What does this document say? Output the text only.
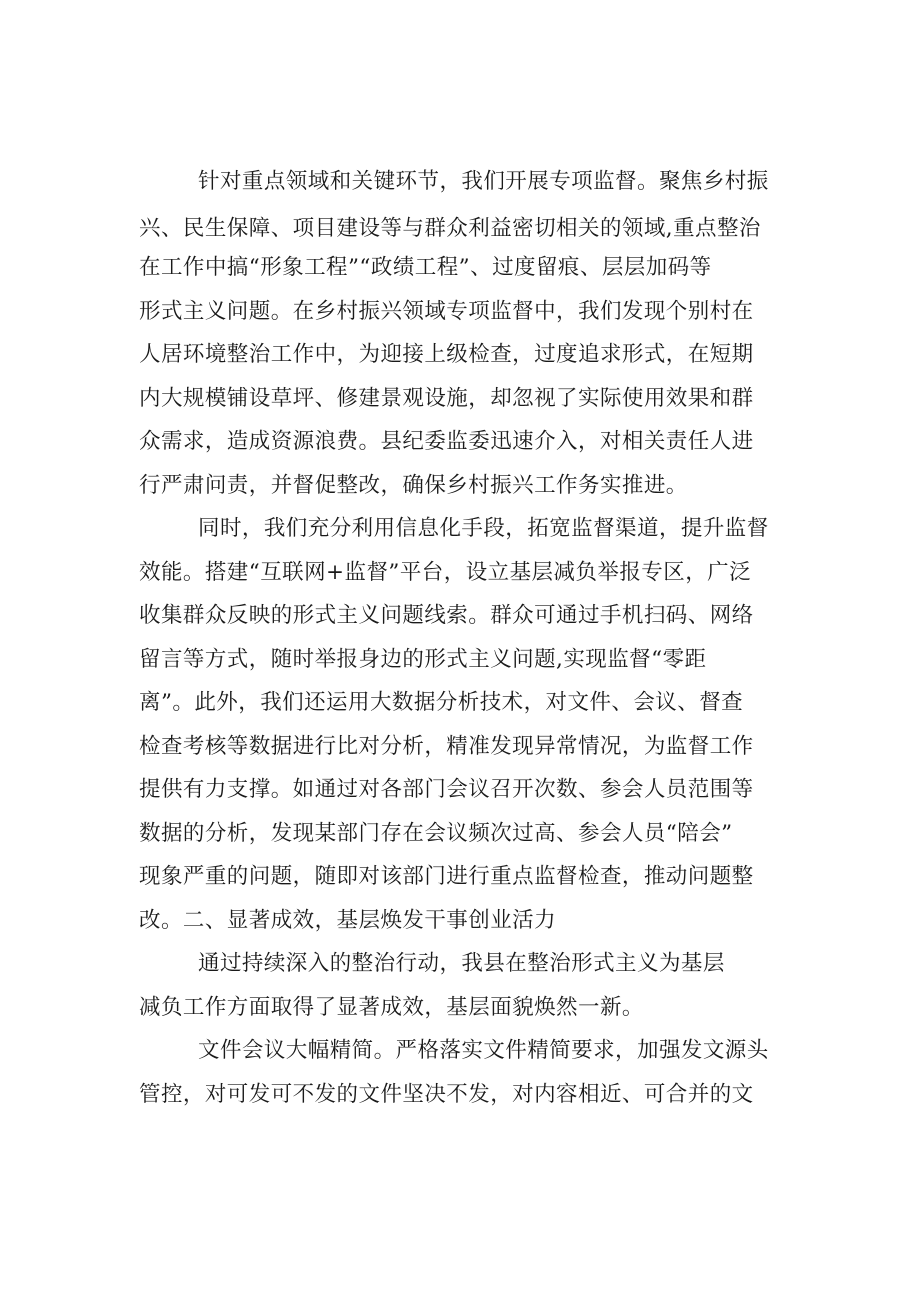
针对重点领域和关键环节，我们开展专项监督。聚焦乡村振
兴、民生保障、项目建设等与群众利益密切相关的领域,重点整治
在工作中搞“形象工程”“政绩工程”、过度留痕、层层加码等
形式主义问题。在乡村振兴领域专项监督中，我们发现个别村在
人居环境整治工作中，为迎接上级检查，过度追求形式，在短期
内大规模铺设草坪、修建景观设施，却忽视了实际使用效果和群
众需求，造成资源浪费。县纪委监委迅速介入，对相关责任人进
行严肃问责，并督促整改，确保乡村振兴工作务实推进。
同时，我们充分利用信息化手段，拓宽监督渠道，提升监督
效能。搭建“互联网+监督”平台，设立基层减负举报专区，广泛
收集群众反映的形式主义问题线索。群众可通过手机扫码、网络
留言等方式，随时举报身边的形式主义问题,实现监督“零距
离”。此外，我们还运用大数据分析技术，对文件、会议、督查
检查考核等数据进行比对分析，精准发现异常情况，为监督工作
提供有力支撑。如通过对各部门会议召开次数、参会人员范围等
数据的分析，发现某部门存在会议频次过高、参会人员“陪会”
现象严重的问题，随即对该部门进行重点监督检查，推动问题整
改。二、显著成效，基层焕发干事创业活力
通过持续深入的整治行动，我县在整治形式主义为基层
减负工作方面取得了显著成效，基层面貌焕然一新。
文件会议大幅精简。严格落实文件精简要求，加强发文源头
管控，对可发可不发的文件坚决不发，对内容相近、可合并的文
